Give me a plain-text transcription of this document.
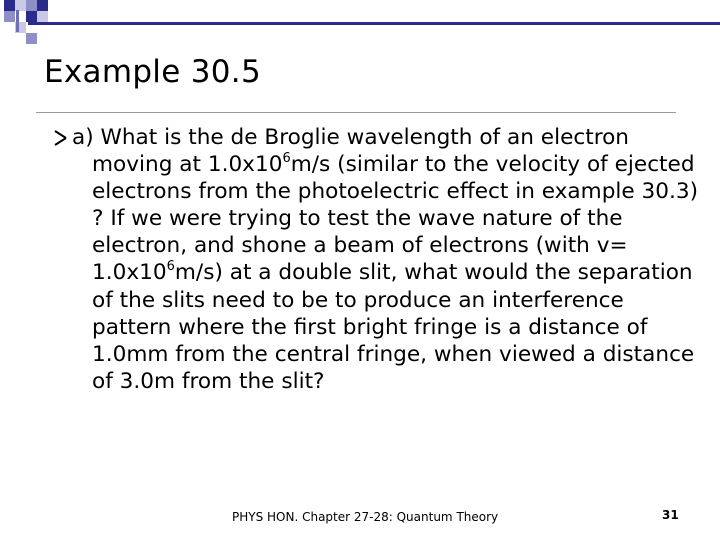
Example 30.5

a) What is the de Broglie wavelength of an electron moving at $1.0x10^6m/s$ (similar to the velocity of ejected electrons from the photoelectric effect in example 30.3) ? If we were trying to test the wave nature of the electron, and shone a beam of electrons (with $v= 1.0x10^6m/s$) at a double slit, what would the separation of the slits need to be to produce an interference pattern where the first bright fringe is a distance of 1.0mm from the central fringe, when viewed a distance of 3.0m from the slit?

PHYS HON. Chapter 27-28: Quantum Theory	31
